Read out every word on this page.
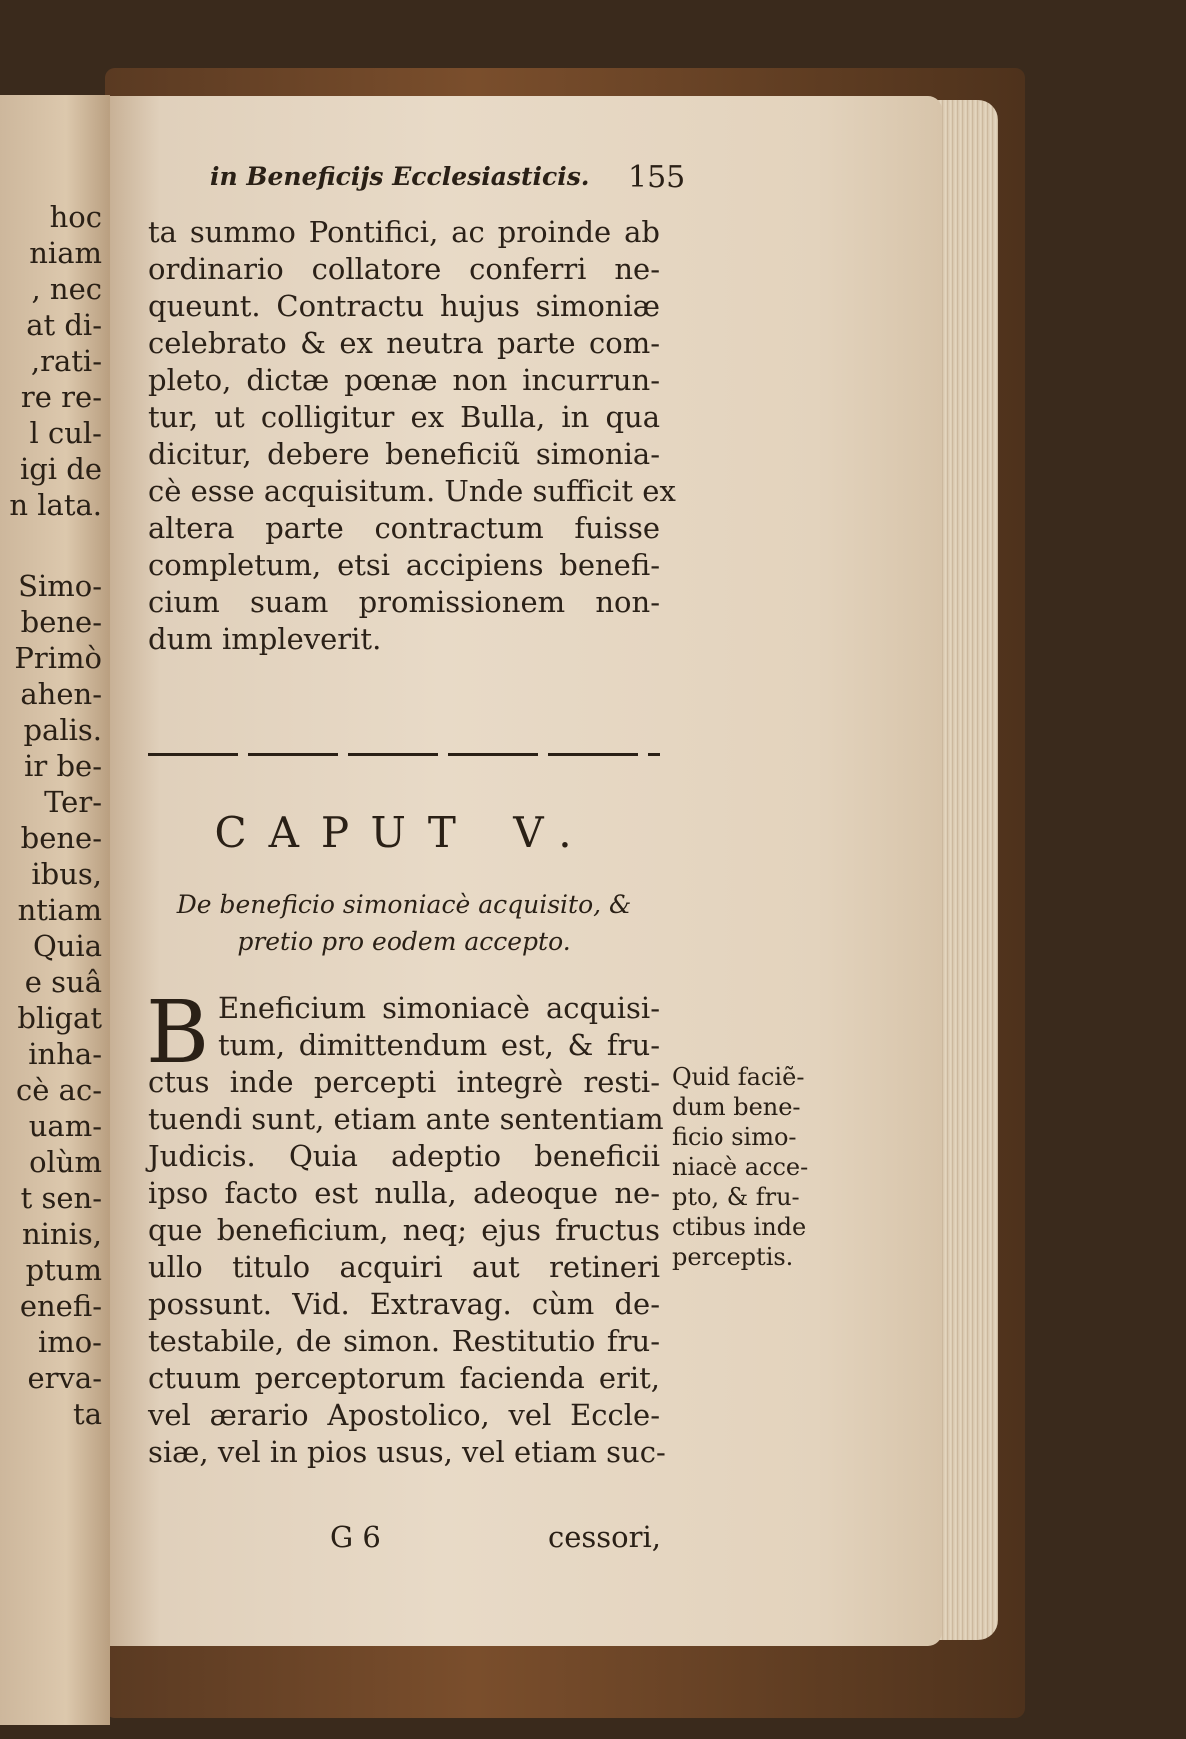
hoc
niam
, nec
at di-
,rati-
re re-
l cul-
igi de
n lata.
Simo-
bene-
Primò
ahen-
palis.
ir be-
Ter-
bene-
ibus,
ntiam
Quia
e suâ
bligat
inha-
cè ac-
uam-
olùm
t sen-
ninis,
ptum
enefi-
imo-
erva-
ta
in Beneficijs Ecclesiasticis.	155
ta summo Pontifici, ac proinde ab
ordinario collatore conferri ne-
queunt. Contractu hujus simoniæ
celebrato & ex neutra parte com-
pleto, dictæ pœnæ non incurrun-
tur, ut colligitur ex Bulla, in qua
dicitur, debere beneficiũ simonia-
cè esse acquisitum. Unde sufficit ex
altera parte contractum fuisse
completum, etsi accipiens benefi-
cium suam promissionem non-
dum impleverit.
CAPUT V.
De beneficio simoniacè acquisito, &
pretio pro eodem accepto.
B Eneficium simoniacè acquisi-
tum, dimittendum est, & fru-
ctus inde percepti integrè resti-
tuendi sunt, etiam ante sententiam
Judicis. Quia adeptio beneficii
ipso facto est nulla, adeoque ne-
que beneficium, neq; ejus fructus
ullo titulo acquiri aut retineri
possunt. Vid. Extravag. cùm de-
testabile, de simon. Restitutio fru-
ctuum perceptorum facienda erit,
vel ærario Apostolico, vel Eccle-
siæ, vel in pios usus, vel etiam suc-
Quid faciẽ-
dum bene-
ficio simo-
niacè acce-
pto, & fru-
ctibus inde
perceptis.
G 6	cessori,
